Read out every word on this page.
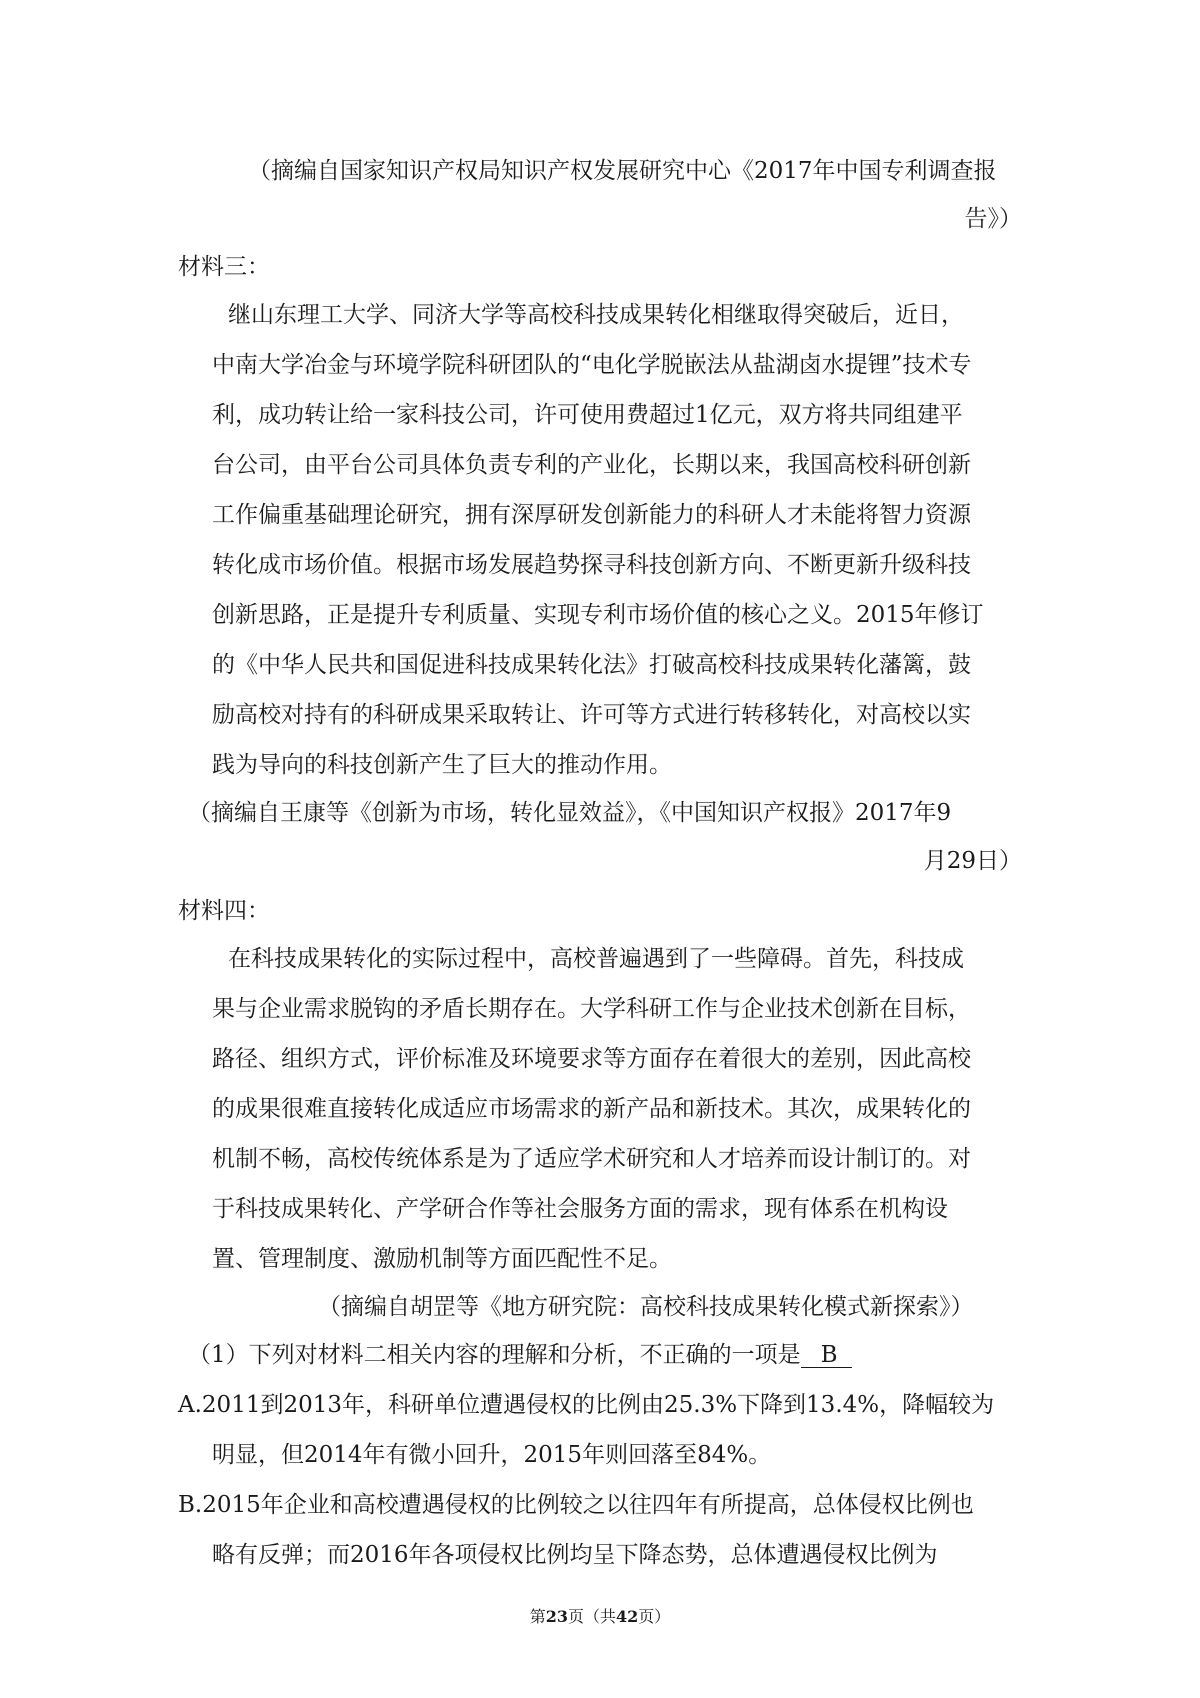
（摘编自国家知识产权局知识产权发展研究中心《2017年中国专利调查报
告》）
材料三：
继山东理工大学、同济大学等高校科技成果转化相继取得突破后，近日，
中南大学冶金与环境学院科研团队的“电化学脱嵌法从盐湖卤水提锂”技术专
利，成功转让给一家科技公司，许可使用费超过1亿元，双方将共同组建平
台公司，由平台公司具体负责专利的产业化，长期以来，我国高校科研创新
工作偏重基础理论研究，拥有深厚研发创新能力的科研人才未能将智力资源
转化成市场价值。根据市场发展趋势探寻科技创新方向、不断更新升级科技
创新思路，正是提升专利质量、实现专利市场价值的核心之义。2015年修订
的《中华人民共和国促进科技成果转化法》打破高校科技成果转化藩篱，鼓
励高校对持有的科研成果采取转让、许可等方式进行转移转化，对高校以实
践为导向的科技创新产生了巨大的推动作用。
（摘编自王康等《创新为市场，转化显效益》，《中国知识产权报》2017年9
月29日）
材料四：
在科技成果转化的实际过程中，高校普遍遇到了一些障碍。首先，科技成
果与企业需求脱钩的矛盾长期存在。大学科研工作与企业技术创新在目标，
路径、组织方式，评价标准及环境要求等方面存在着很大的差别，因此高校
的成果很难直接转化成适应市场需求的新产品和新技术。其次，成果转化的
机制不畅，高校传统体系是为了适应学术研究和人才培养而设计制订的。对
于科技成果转化、产学研合作等社会服务方面的需求，现有体系在机构设
置、管理制度、激励机制等方面匹配性不足。
（摘编自胡罡等《地方研究院：高校科技成果转化模式新探索》）
（1）下列对材料二相关内容的理解和分析，不正确的一项是 B
A.2011到2013年，科研单位遭遇侵权的比例由25.3%下降到13.4%，降幅较为
明显，但2014年有微小回升，2015年则回落至84%。
B.2015年企业和高校遭遇侵权的比例较之以往四年有所提高，总体侵权比例也
略有反弹；而2016年各项侵权比例均呈下降态势，总体遭遇侵权比例为
第23页（共42页）
